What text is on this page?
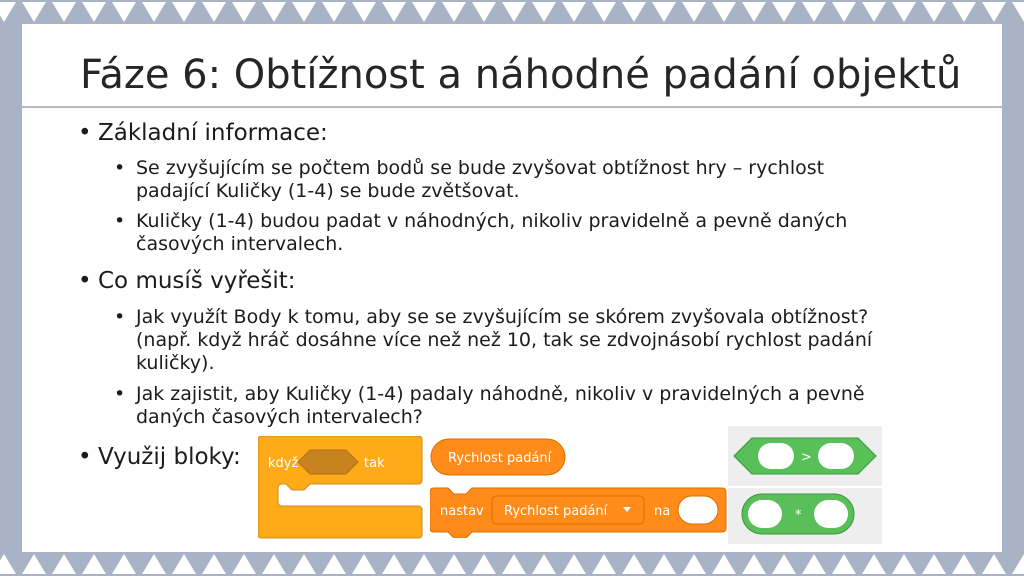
Fáze 6: Obtížnost a náhodné padání objektů
• Základní informace:
• Se zvyšujícím se počtem bodů se bude zvyšovat obtížnost hry – rychlost
padající Kuličky (1-4) se bude zvětšovat.
• Kuličky (1-4) budou padat v náhodných, nikoliv pravidelně a pevně daných
časových intervalech.
• Co musíš vyřešit:
• Jak využít Body k tomu, aby se se zvyšujícím se skórem zvyšovala obtížnost?
(např. když hráč dosáhne více než než 10, tak se zdvojnásobí rychlost padání
kuličky).
• Jak zajistit, aby Kuličky (1-4) padaly náhodně, nikoliv v pravidelných a pevně
daných časových intervalech?
• Využij bloky: když	tak	Rychlost padání
nastav Rychlost padání	na
>
*
